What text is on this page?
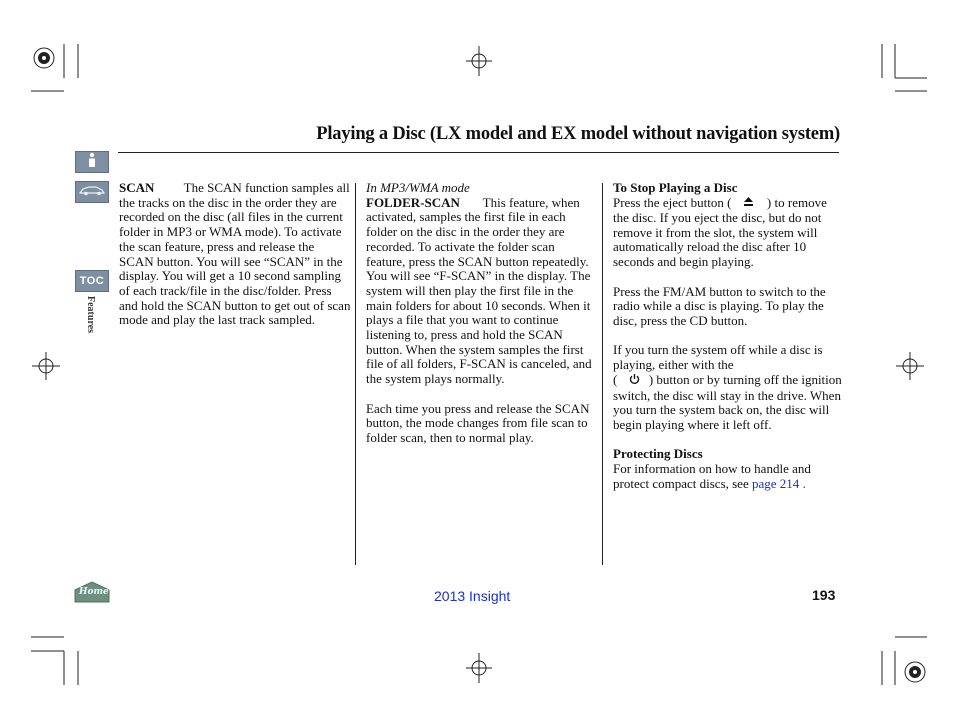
Playing a Disc (LX model and EX model without navigation system)
TOC
Features
Home

SCAN The SCAN function samples all the tracks on the disc in the order they are recorded on the disc (all files in the current folder in MP3 or WMA mode). To activate the scan feature, press and release the SCAN button. You will see “SCAN” in the display. You will get a 10 second sampling of each track/file in the disc/folder. Press and hold the SCAN button to get out of scan mode and play the last track sampled.

In MP3/WMA mode

FOLDER-SCAN This feature, when activated, samples the first file in each folder on the disc in the order they are recorded. To activate the folder scan feature, press the SCAN button repeatedly. You will see “F-SCAN” in the display. The system will then play the first file in the main folders for about 10 seconds. When it plays a file that you want to continue listening to, press and hold the SCAN button. When the system samples the first file of all folders, F-SCAN is canceled, and the system plays normally.

Each time you press and release the SCAN button, the mode changes from file scan to folder scan, then to normal play.

To Stop Playing a Disc

Press the eject button (	) to remove the disc. If you eject the disc, but do not remove it from the slot, the system will automatically reload the disc after 10 seconds and begin playing.

Press the FM/AM button to switch to the radio while a disc is playing. To play the disc, press the CD button.

If you turn the system off while a disc is playing, either with the

( ) button or by turning off the ignition switch, the disc will stay in the drive. When you turn the system back on, the disc will begin playing where it left off.

Protecting Discs

For information on how to handle and protect compact discs, see page 214 .

2013 Insight	193
